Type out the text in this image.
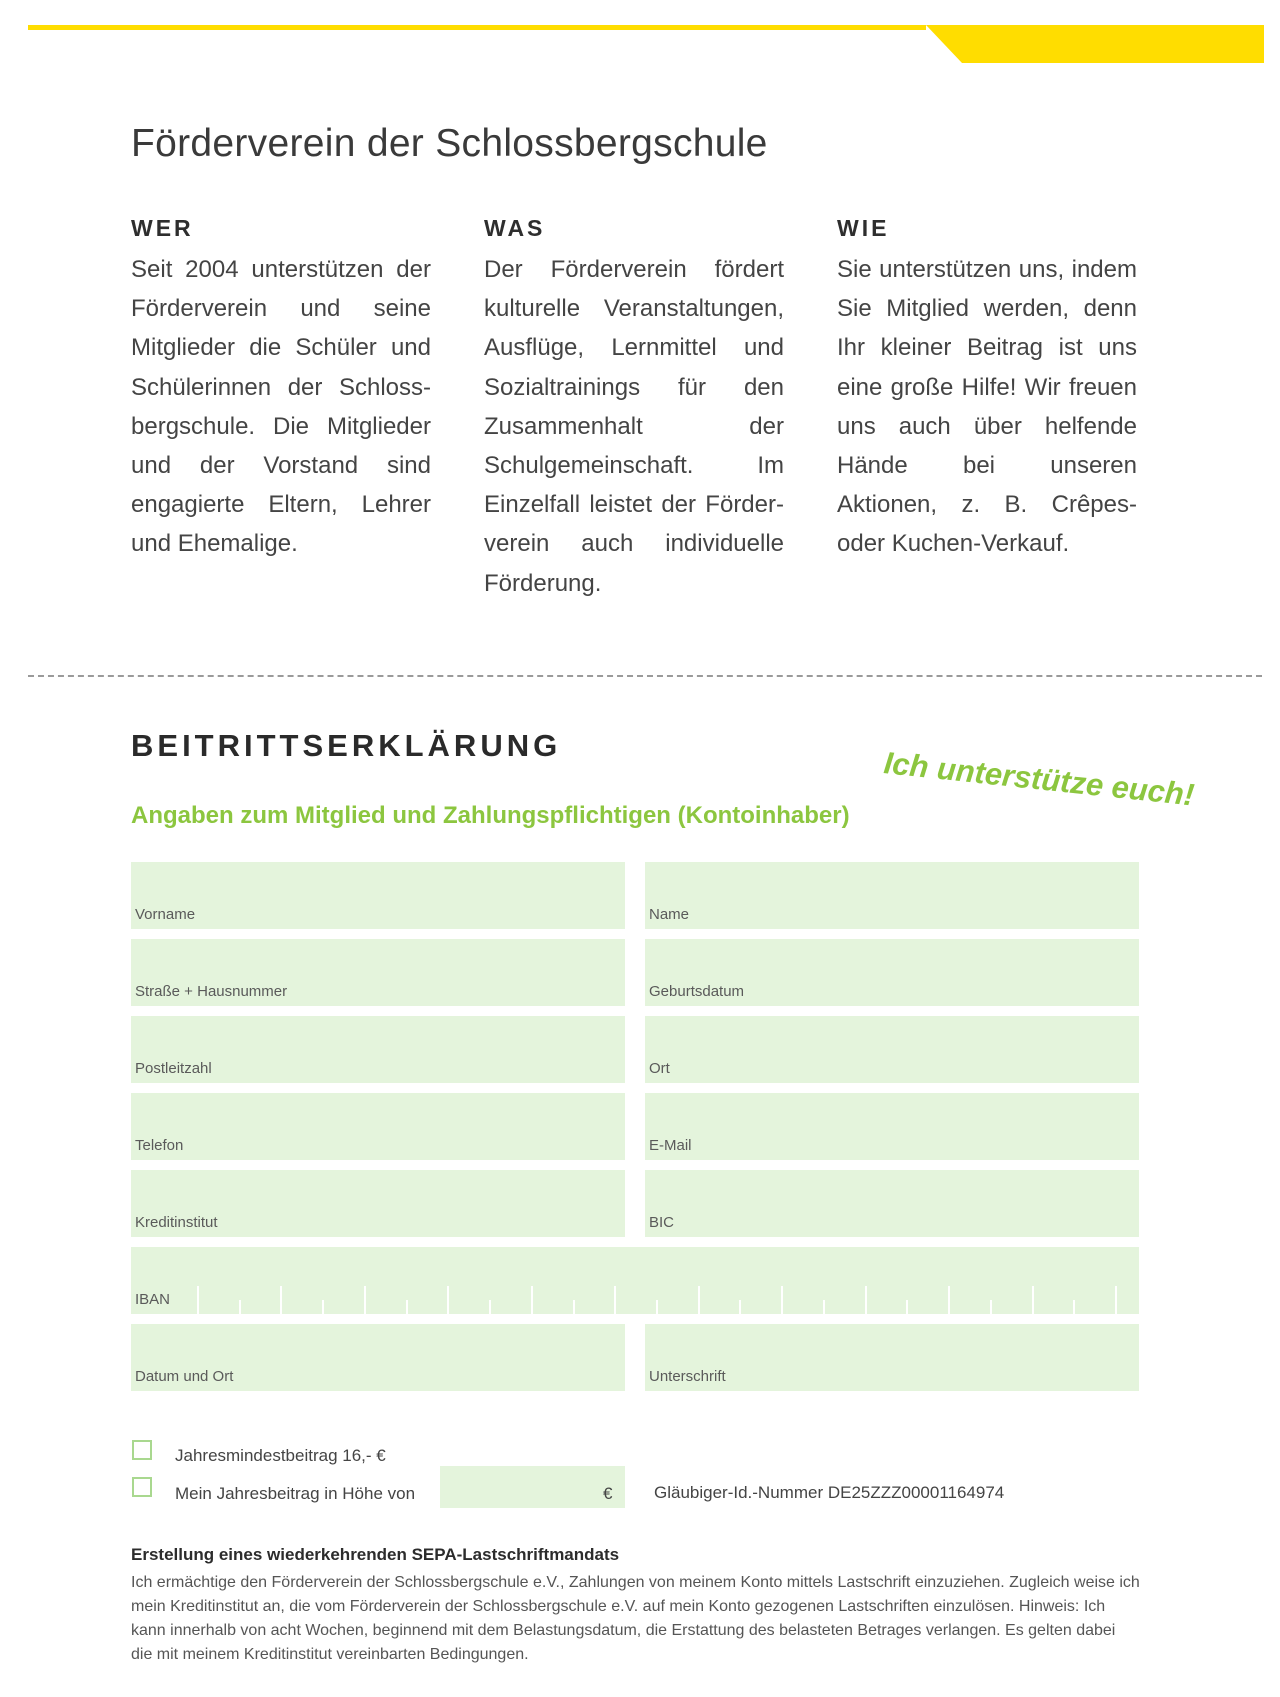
Förderverein der Schlossbergschule
WER

Seit 2004 unterstützen der Förderverein und seine Mitglieder die Schüler und Schülerinnen der Schlossbergschule. Die Mitglieder und der Vorstand sind engagierte Eltern, Lehrer und Ehemalige.

WAS

Der Förderverein fördert kulturelle Veranstaltungen, Ausflüge, Lernmittel und Sozialtrainings für den Zusammenhalt der Schulgemeinschaft. Im Einzelfall leistet der Förderverein auch individuelle Förderung.

WIE

Sie unterstützen uns, indem Sie Mitglied werden, denn Ihr kleiner Beitrag ist uns eine große Hilfe! Wir freuen uns auch über helfende Hände bei unseren Aktionen, z. B. Crêpes- oder Kuchen-Verkauf.

BEITRITTSERKLÄRUNG	Ich unterstütze euch!
Angaben zum Mitglied und Zahlungspflichtigen (Kontoinhaber)
Vorname	Name
Straße + Hausnummer	Geburtsdatum
Postleitzahl	Ort
Telefon	E-Mail
Kreditinstitut	BIC
IBAN
Datum und Ort	Unterschrift
Jahresmindestbeitrag 16,- €
Mein Jahresbeitrag in Höhe von	€ Gläubiger-Id.-Nummer DE25ZZZ00001164974
Erstellung eines wiederkehrenden SEPA-Lastschriftmandats

Ich ermächtige den Förderverein der Schlossbergschule e.V., Zahlungen von meinem Konto mittels Lastschrift einzuziehen. Zugleich weise ich mein Kreditinstitut an, die vom Förderverein der Schlossbergschule e.V. auf mein Konto gezogenen Lastschriften einzulösen. Hinweis: Ich kann innerhalb von acht Wochen, beginnend mit dem Belastungsdatum, die Erstattung des belasteten Betrages verlangen. Es gelten dabei die mit meinem Kreditinstitut vereinbarten Bedingungen.
